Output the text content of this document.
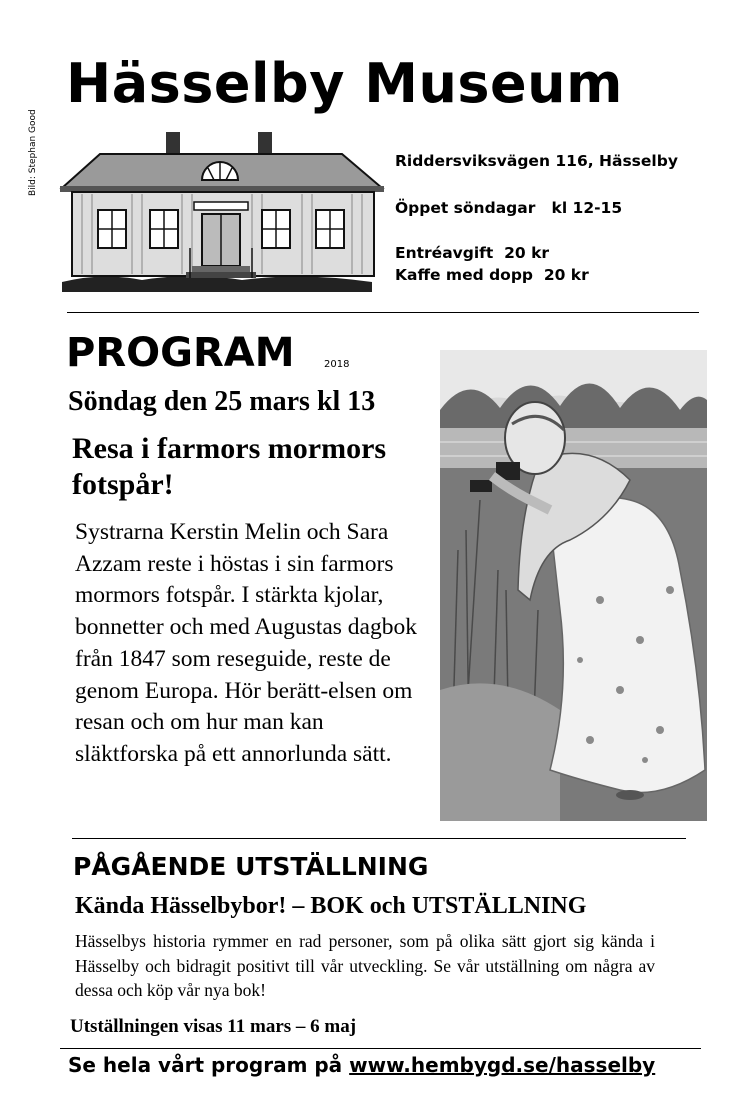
Hässelby Museum
Bild: Stephan Good	Riddersviksvägen 116, Hässelby
Öppet söndagar   kl 12-15
Entréavgift  20 kr
Kaffe med dopp  20 kr
PROGRAM	2018
Söndag den 25 mars kl 13
Resa i farmors mormors fotspår!
Systrarna Kerstin Melin och Sara Azzam reste i höstas i sin farmors mormors fotspår. I stärkta kjolar, bonnetter och med Augustas dagbok från 1847 som reseguide, reste de genom Europa. Hör berätt-elsen om resan och om hur man kan släktforska på ett annorlunda sätt.
PÅGÅENDE UTSTÄLLNING
Kända Hässelbybor! – BOK och UTSTÄLLNING
Hässelbys historia rymmer en rad personer, som på olika sätt gjort sig kända i Hässelby och bidragit positivt till vår utveckling. Se vår utställning om några av dessa och köp vår nya bok!
Utställningen visas 11 mars – 6 maj
Se hela vårt program på www.hembygd.se/hasselby
